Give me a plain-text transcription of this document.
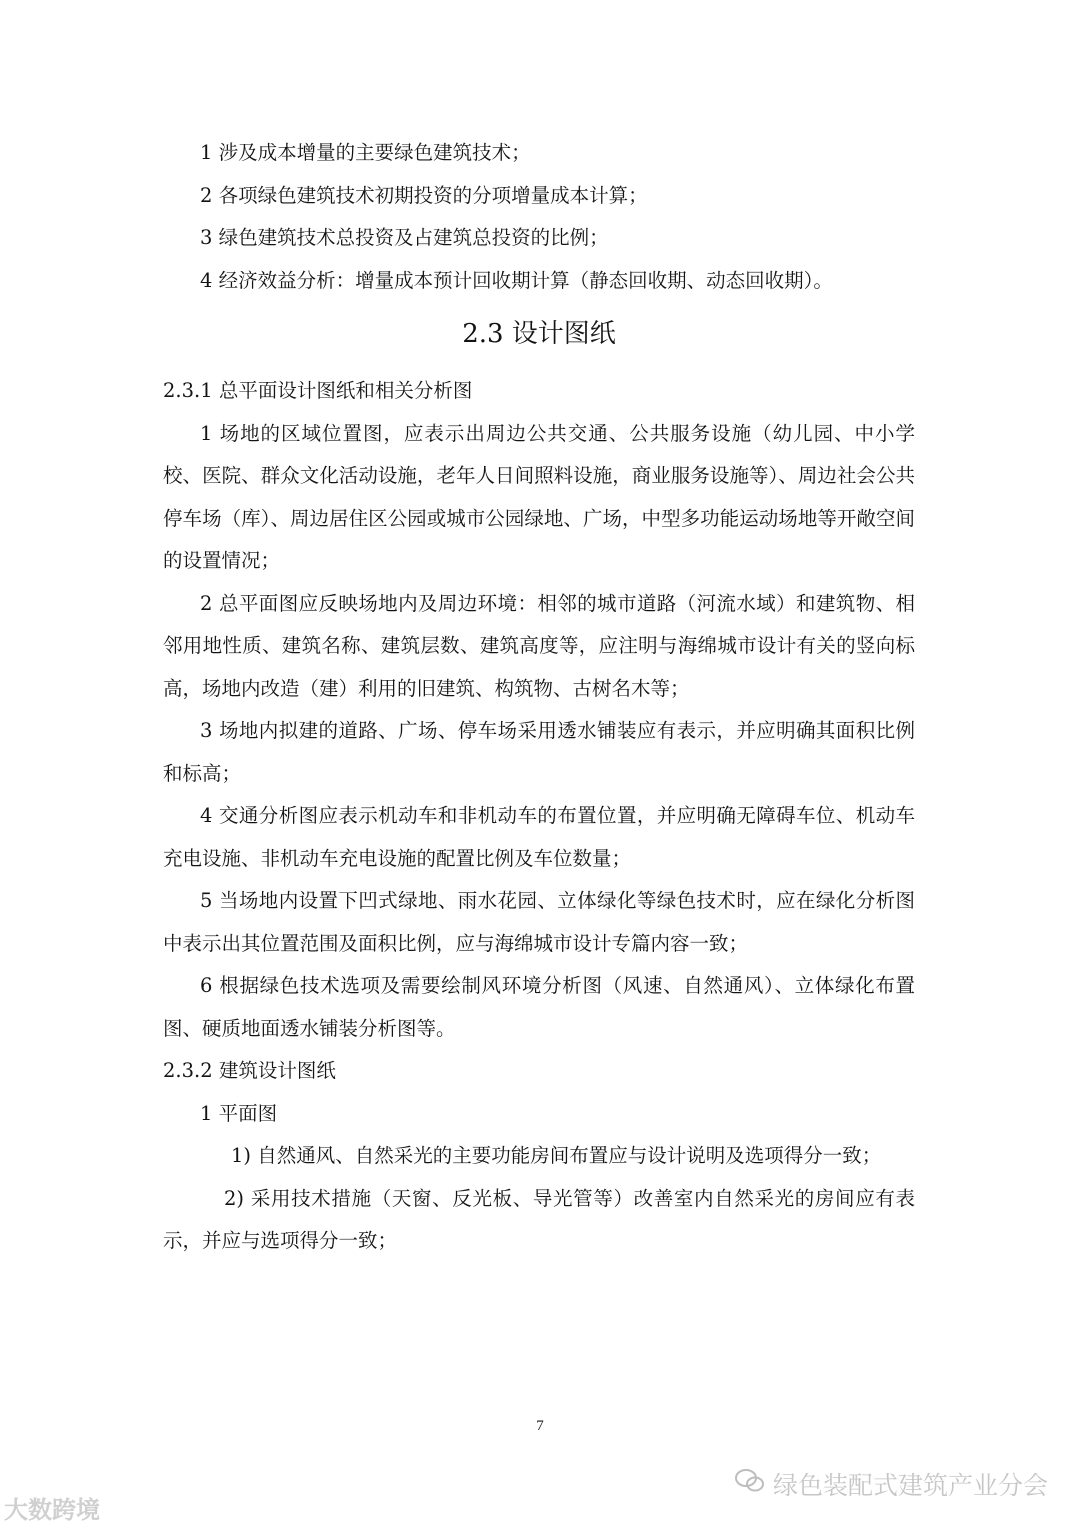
1 涉及成本增量的主要绿色建筑技术；

2 各项绿色建筑技术初期投资的分项增量成本计算；

3 绿色建筑技术总投资及占建筑总投资的比例；

4 经济效益分析：增量成本预计回收期计算（静态回收期、动态回收期）。

2.3 设计图纸

2.3.1 总平面设计图纸和相关分析图

1 场地的区域位置图，应表示出周边公共交通、公共服务设施（幼儿园、中小学校、医院、群众文化活动设施，老年人日间照料设施，商业服务设施等）、周边社会公共停车场（库）、周边居住区公园或城市公园绿地、广场，中型多功能运动场地等开敞空间的设置情况；

2 总平面图应反映场地内及周边环境：相邻的城市道路（河流水域）和建筑物、相邻用地性质、建筑名称、建筑层数、建筑高度等，应注明与海绵城市设计有关的竖向标高，场地内改造（建）利用的旧建筑、构筑物、古树名木等；

3 场地内拟建的道路、广场、停车场采用透水铺装应有表示，并应明确其面积比例和标高；

4 交通分析图应表示机动车和非机动车的布置位置，并应明确无障碍车位、机动车充电设施、非机动车充电设施的配置比例及车位数量；

5 当场地内设置下凹式绿地、雨水花园、立体绿化等绿色技术时，应在绿化分析图中表示出其位置范围及面积比例，应与海绵城市设计专篇内容一致；

6 根据绿色技术选项及需要绘制风环境分析图（风速、自然通风）、立体绿化布置图、硬质地面透水铺装分析图等。

2.3.2 建筑设计图纸

1 平面图

1) 自然通风、自然采光的主要功能房间布置应与设计说明及选项得分一致；

2) 采用技术措施（天窗、反光板、导光管等）改善室内自然采光的房间应有表示，并应与选项得分一致；

7
大数跨境
绿色装配式建筑产业分会
